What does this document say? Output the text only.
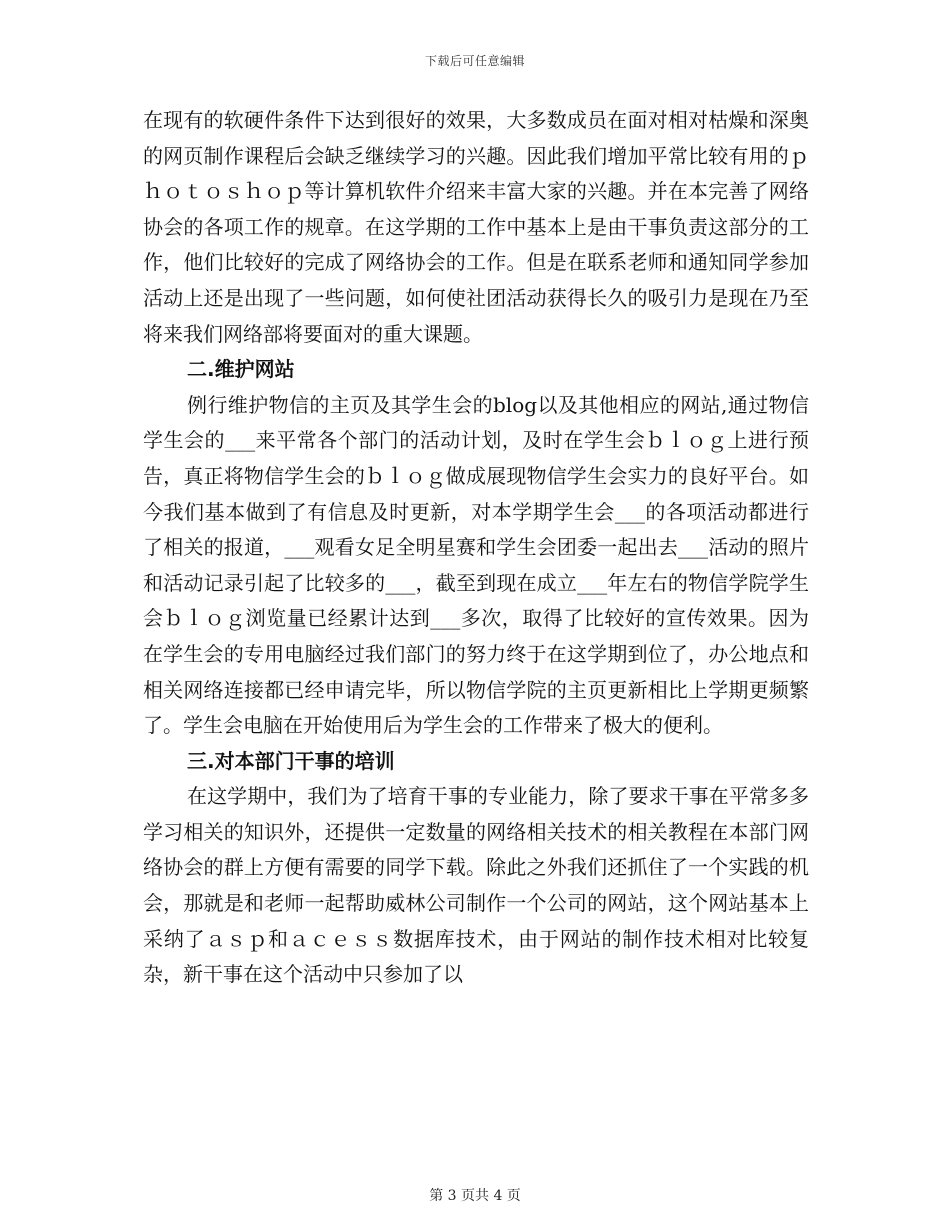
下载后可任意编辑

在现有的软硬件条件下达到很好的效果，大多数成员在面对相对枯燥和深奥的网页制作课程后会缺乏继续学习的兴趣。因此我们增加平常比较有用的ｐｈｏｔｏｓｈｏｐ等计算机软件介绍来丰富大家的兴趣。并在本完善了网络协会的各项工作的规章。在这学期的工作中基本上是由干事负责这部分的工作，他们比较好的完成了网络协会的工作。但是在联系老师和通知同学参加活动上还是出现了一些问题，如何使社团活动获得长久的吸引力是现在乃至将来我们网络部将要面对的重大课题。

二.维护网站

例行维护物信的主页及其学生会的blog以及其他相应的网站,通过物信学生会的___来平常各个部门的活动计划，及时在学生会ｂｌｏｇ上进行预告，真正将物信学生会的ｂｌｏｇ做成展现物信学生会实力的良好平台。如今我们基本做到了有信息及时更新，对本学期学生会___的各项活动都进行了相关的报道，___观看女足全明星赛和学生会团委一起出去___活动的照片和活动记录引起了比较多的___，截至到现在成立___年左右的物信学院学生会ｂｌｏｇ浏览量已经累计达到___多次，取得了比较好的宣传效果。因为在学生会的专用电脑经过我们部门的努力终于在这学期到位了，办公地点和相关网络连接都已经申请完毕，所以物信学院的主页更新相比上学期更频繁了。学生会电脑在开始使用后为学生会的工作带来了极大的便利。

三.对本部门干事的培训

在这学期中，我们为了培育干事的专业能力，除了要求干事在平常多多学习相关的知识外，还提供一定数量的网络相关技术的相关教程在本部门网络协会的群上方便有需要的同学下载。除此之外我们还抓住了一个实践的机会，那就是和老师一起帮助威林公司制作一个公司的网站，这个网站基本上采纳了ａｓｐ和ａｃｅｓｓ数据库技术，由于网站的制作技术相对比较复杂，新干事在这个活动中只参加了以

第 3 页共 4 页
